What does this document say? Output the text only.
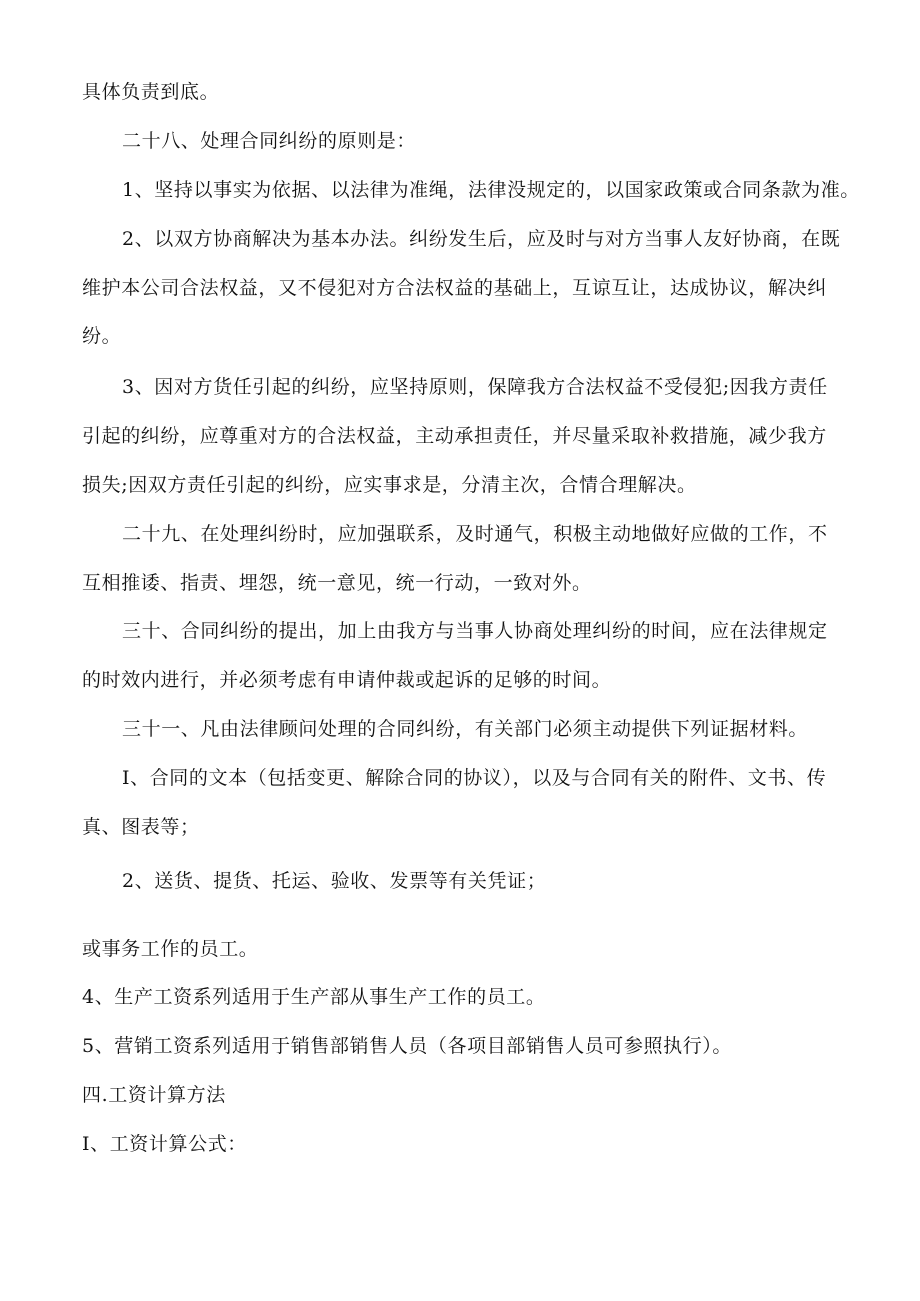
具体负责到底。
二十八、处理合同纠纷的原则是：
1、坚持以事实为依据、以法律为准绳，法律没规定的，以国家政策或合同条款为准。
2、以双方协商解决为基本办法。纠纷发生后，应及时与对方当事人友好协商，在既
维护本公司合法权益，又不侵犯对方合法权益的基础上，互谅互让，达成协议，解决纠
纷。
3、因对方货任引起的纠纷，应坚持原则，保障我方合法权益不受侵犯;因我方责任
引起的纠纷，应尊重对方的合法权益，主动承担责任，并尽量采取补救措施，减少我方
损失;因双方责任引起的纠纷，应实事求是，分清主次，合情合理解决。
二十九、在处理纠纷时，应加强联系，及时通气，积极主动地做好应做的工作，不
互相推诿、指责、埋怨，统一意见，统一行动，一致对外。
三十、合同纠纷的提出，加上由我方与当事人协商处理纠纷的时间，应在法律规定
的时效内进行，并必须考虑有申请仲裁或起诉的足够的时间。
三十一、凡由法律顾问处理的合同纠纷，有关部门必须主动提供下列证据材料。
I、合同的文本（包括变更、解除合同的协议），以及与合同有关的附件、文书、传
真、图表等；
2、送货、提货、托运、验收、发票等有关凭证；
或事务工作的员工。
4、生产工资系列适用于生产部从事生产工作的员工。
5、营销工资系列适用于销售部销售人员（各项目部销售人员可参照执行）。
四.工资计算方法
I、工资计算公式：
